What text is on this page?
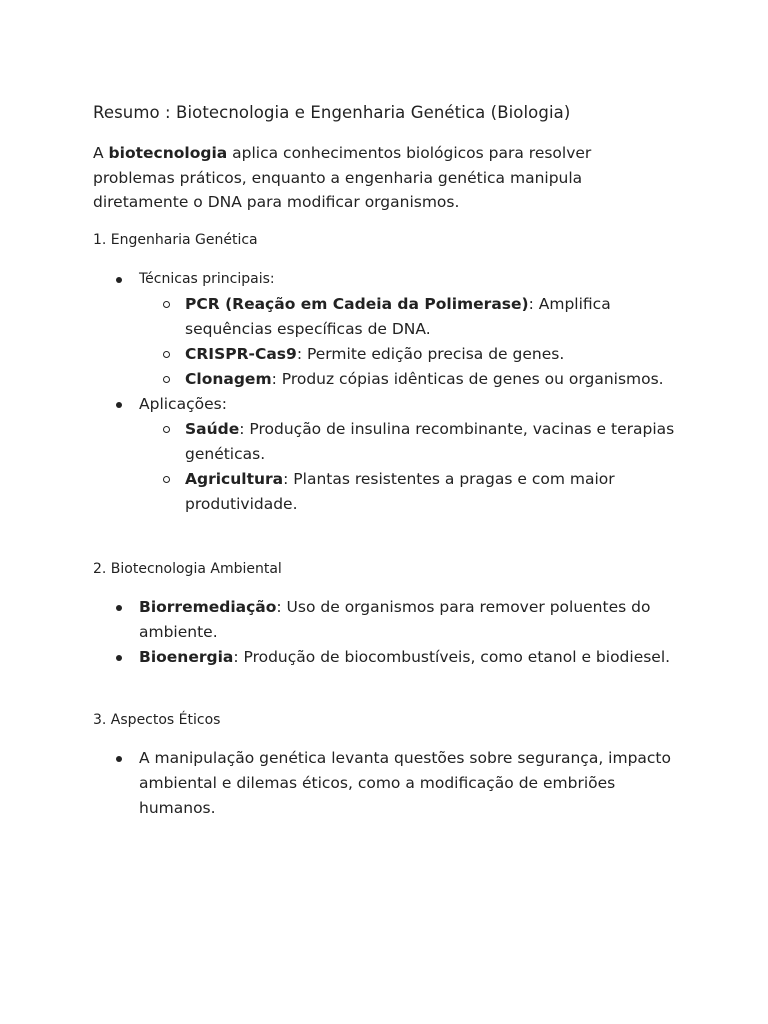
Resumo : Biotecnologia e Engenharia Genética (Biologia)

A biotecnologia aplica conhecimentos biológicos para resolver problemas práticos, enquanto a engenharia genética manipula diretamente o DNA para modificar organismos.

1. Engenharia Genética
Técnicas principais:
PCR (Reação em Cadeia da Polimerase): Amplifica sequências específicas de DNA.
CRISPR-Cas9: Permite edição precisa de genes.
Clonagem: Produz cópias idênticas de genes ou organismos.
Aplicações:
Saúde: Produção de insulina recombinante, vacinas e terapias genéticas.
Agricultura: Plantas resistentes a pragas e com maior produtividade.
2. Biotecnologia Ambiental
Biorremediação: Uso de organismos para remover poluentes do ambiente.
Bioenergia: Produção de biocombustíveis, como etanol e biodiesel.
3. Aspectos Éticos
A manipulação genética levanta questões sobre segurança, impacto ambiental e dilemas éticos, como a modificação de embriões humanos.
